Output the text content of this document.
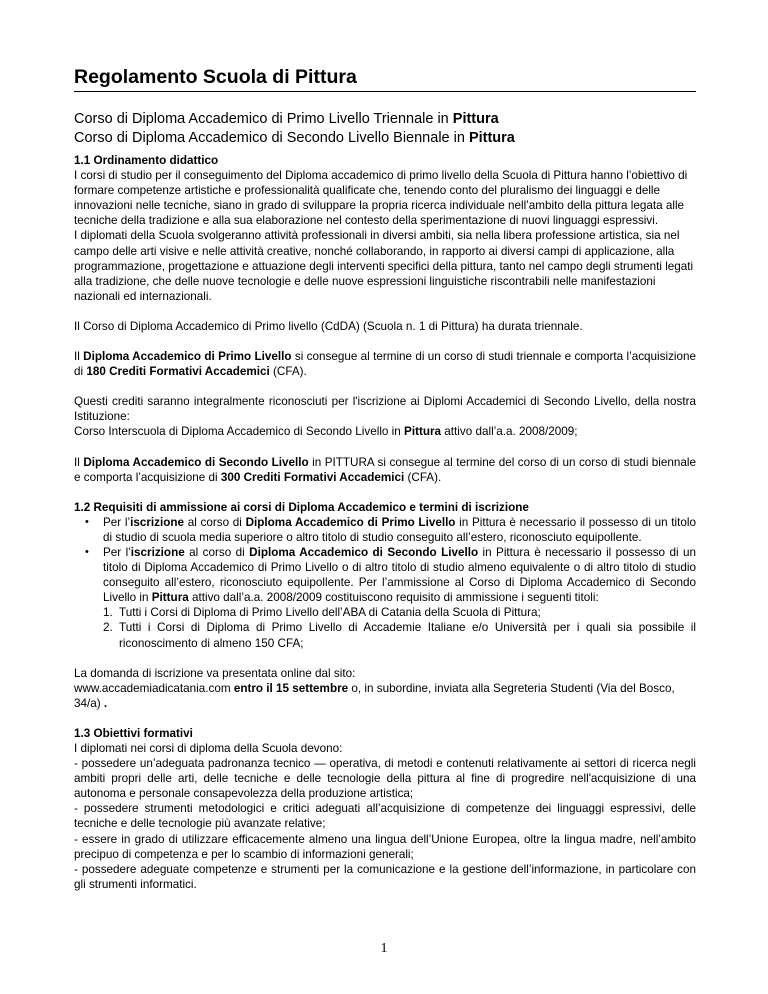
Regolamento Scuola di Pittura
Corso di Diploma Accademico di Primo Livello Triennale in Pittura
Corso di Diploma Accademico di Secondo Livello Biennale in Pittura

1.1 Ordinamento didattico

I corsi di studio per il conseguimento del Diploma accademico di primo livello della Scuola di Pittura hanno l’obiettivo di formare competenze artistiche e professionalità qualificate che, tenendo conto del pluralismo dei linguaggi e delle innovazioni nelle tecniche, siano in grado di sviluppare la propria ricerca individuale nell’ambito della pittura legata alle tecniche della tradizione e alla sua elaborazione nel contesto della sperimentazione di nuovi linguaggi espressivi.

I diplomati della Scuola svolgeranno attività professionali in diversi ambiti, sia nella libera professione artistica, sia nel campo delle arti visive e nelle attività creative, nonché collaborando, in rapporto ai diversi campi di applicazione, alla programmazione, progettazione e attuazione degli interventi specifici della pittura, tanto nel campo degli strumenti legati alla tradizione, che delle nuove tecnologie e delle nuove espressioni linguistiche riscontrabili nelle manifestazioni nazionali ed internazionali.

Il Corso di Diploma Accademico di Primo livello (CdDA) (Scuola n. 1 di Pittura) ha durata triennale.

Il Diploma Accademico di Primo Livello si consegue al termine di un corso di studi triennale e comporta l’acquisizione di 180 Crediti Formativi Accademici (CFA).

Questi crediti saranno integralmente riconosciuti per l'iscrizione ai Diplomi Accademici di Secondo Livello, della nostra Istituzione:
Corso Interscuola di Diploma Accademico di Secondo Livello in Pittura attivo dall’a.a. 2008/2009;

Il Diploma Accademico di Secondo Livello in PITTURA si consegue al termine del corso di un corso di studi biennale e comporta l’acquisizione di 300 Crediti Formativi Accademici (CFA).

1.2 Requisiti di ammissione ai corsi di Diploma Accademico e termini di iscrizione

• Per l’iscrizione al corso di Diploma Accademico di Primo Livello in Pittura è necessario il possesso di un titolo di studio di scuola media superiore o altro titolo di studio conseguito all’estero, riconosciuto equipollente.
• Per l’iscrizione al corso di Diploma Accademico di Secondo Livello in Pittura è necessario il possesso di un titolo di Diploma Accademico di Primo Livello o di altro titolo di studio almeno equivalente o di altro titolo di studio conseguito all’estero, riconosciuto equipollente. Per l’ammissione al Corso di Diploma Accademico di Secondo Livello in Pittura attivo dall’a.a. 2008/2009 costituiscono requisito di ammissione i seguenti titoli:
1. Tutti i Corsi di Diploma di Primo Livello dell’ABA di Catania della Scuola di Pittura;
2. Tutti i Corsi di Diploma di Primo Livello di Accademie Italiane e/o Università per i quali sia possibile il riconoscimento di almeno 150 CFA;

La domanda di iscrizione va presentata online dal sito:
www.accademiadicatania.com entro il 15 settembre o, in subordine, inviata alla Segreteria Studenti (Via del Bosco, 34/a) .

1.3 Obiettivi formativi

I diplomati nei corsi di diploma della Scuola devono:

- possedere un’adeguata padronanza tecnico — operativa, di metodi e contenuti relativamente ai settori di ricerca negli ambiti propri delle arti, delle tecniche e delle tecnologie della pittura al fine di progredire nell'acquisizione di una autonoma e personale consapevolezza della produzione artistica;

- possedere strumenti metodologici e critici adeguati all’acquisizione di competenze dei linguaggi espressivi, delle tecniche e delle tecnologie più avanzate relative;

- essere in grado di utilizzare efficacemente almeno una lingua dell’Unione Europea, oltre la lingua madre, nell’ambito precipuo di competenza e per lo scambio di informazioni generali;

- possedere adeguate competenze e strumenti per la comunicazione e la gestione dell’informazione, in particolare con gli strumenti informatici.

1
